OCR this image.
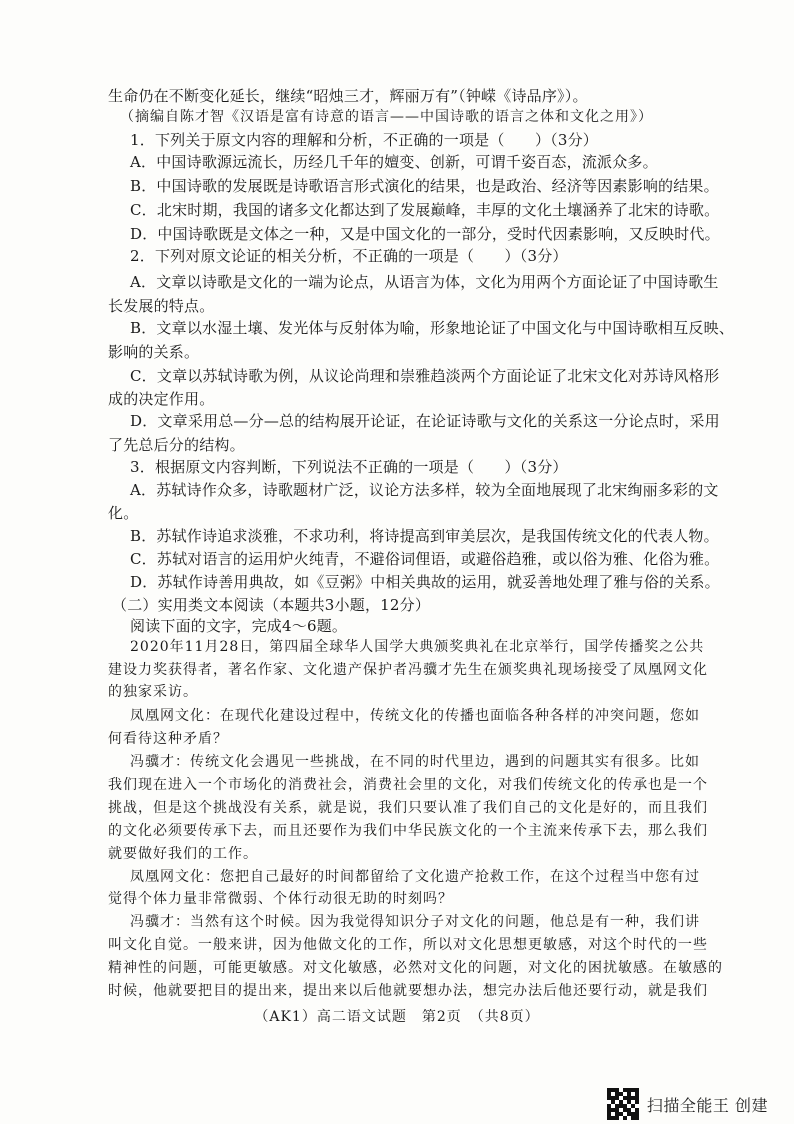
生命仍在不断变化延长，继续“昭烛三才，辉丽万有”（钟嵘《诗品序》）。
（摘编自陈才智《汉语是富有诗意的语言——中国诗歌的语言之体和文化之用》）
1．下列关于原文内容的理解和分析，不正确的一项是（　　）（3分）
A．中国诗歌源远流长，历经几千年的嬗变、创新，可谓千姿百态，流派众多。
B．中国诗歌的发展既是诗歌语言形式演化的结果，也是政治、经济等因素影响的结果。
C．北宋时期，我国的诸多文化都达到了发展巅峰，丰厚的文化土壤涵养了北宋的诗歌。
D．中国诗歌既是文体之一种，又是中国文化的一部分，受时代因素影响，又反映时代。
2．下列对原文论证的相关分析，不正确的一项是（　　）（3分）
A．文章以诗歌是文化的一端为论点，从语言为体，文化为用两个方面论证了中国诗歌生
长发展的特点。
B．文章以水湿土壤、发光体与反射体为喻，形象地论证了中国文化与中国诗歌相互反映、
影响的关系。
C．文章以苏轼诗歌为例，从议论尚理和崇雅趋淡两个方面论证了北宋文化对苏诗风格形
成的决定作用。
D．文章采用总—分—总的结构展开论证，在论证诗歌与文化的关系这一分论点时，采用
了先总后分的结构。
3．根据原文内容判断，下列说法不正确的一项是（　　）（3分）
A．苏轼诗作众多，诗歌题材广泛，议论方法多样，较为全面地展现了北宋绚丽多彩的文
化。
B．苏轼作诗追求淡雅，不求功利，将诗提高到审美层次，是我国传统文化的代表人物。
C．苏轼对语言的运用炉火纯青，不避俗词俚语，或避俗趋雅，或以俗为雅、化俗为雅。
D．苏轼作诗善用典故，如《豆粥》中相关典故的运用，就妥善地处理了雅与俗的关系。
（二）实用类文本阅读（本题共3小题，12分）
阅读下面的文字，完成4～6题。
2020年11月28日，第四届全球华人国学大典颁奖典礼在北京举行，国学传播奖之公共
建设力奖获得者，著名作家、文化遗产保护者冯骥才先生在颁奖典礼现场接受了凤凰网文化
的独家采访。
凤凰网文化：在现代化建设过程中，传统文化的传播也面临各种各样的冲突问题，您如
何看待这种矛盾？
冯骥才：传统文化会遇见一些挑战，在不同的时代里边，遇到的问题其实有很多。比如
我们现在进入一个市场化的消费社会，消费社会里的文化，对我们传统文化的传承也是一个
挑战，但是这个挑战没有关系，就是说，我们只要认准了我们自己的文化是好的，而且我们
的文化必须要传承下去，而且还要作为我们中华民族文化的一个主流来传承下去，那么我们
就要做好我们的工作。
凤凰网文化：您把自己最好的时间都留给了文化遗产抢救工作，在这个过程当中您有过
觉得个体力量非常微弱、个体行动很无助的时刻吗？
冯骥才：当然有这个时候。因为我觉得知识分子对文化的问题，他总是有一种，我们讲
叫文化自觉。一般来讲，因为他做文化的工作，所以对文化思想更敏感，对这个时代的一些
精神性的问题，可能更敏感。对文化敏感，必然对文化的问题，对文化的困扰敏感。在敏感的
时候，他就要把目的提出来，提出来以后他就要想办法，想完办法后他还要行动，就是我们
（AK1）高二语文试题　第2页　（共8页）
扫描全能王 创建
